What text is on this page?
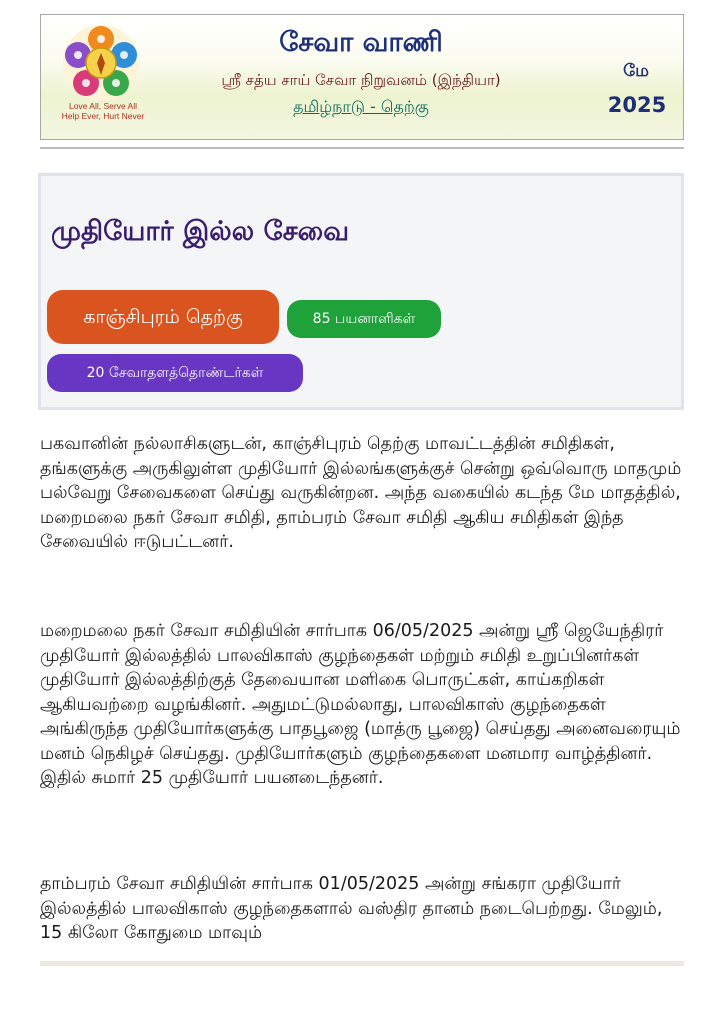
Love All, Serve All
Help Ever, Hurt Never
சேவா வாணி
ஸ்ரீ சத்ய சாய் சேவா நிறுவனம் (இந்தியா)
தமிழ்நாடு - தெற்கு
மே
2025
முதியோர் இல்ல சேவை
காஞ்சிபுரம் தெற்கு	85 பயனாளிகள்
20 சேவாதளத்தொண்டர்கள்
பகவானின் நல்லாசிகளுடன், காஞ்சிபுரம் தெற்கு மாவட்டத்தின் சமிதிகள், தங்களுக்கு அருகிலுள்ள முதியோர் இல்லங்களுக்குச் சென்று ஒவ்வொரு மாதமும் பல்வேறு சேவைகளை செய்து வருகின்றன. அந்த வகையில் கடந்த மே மாதத்தில், மறைமலை நகர் சேவா சமிதி, தாம்பரம் சேவா சமிதி ஆகிய சமிதிகள் இந்த சேவையில் ஈடுபட்டனர்.
மறைமலை நகர் சேவா சமிதியின் சார்பாக 06/05/2025 அன்று ஸ்ரீ ஜெயேந்திரர் முதியோர் இல்லத்தில் பாலவிகாஸ் குழந்தைகள் மற்றும் சமிதி உறுப்பினர்கள் முதியோர் இல்லத்திற்குத் தேவையான மளிகை பொருட்கள், காய்கறிகள் ஆகியவற்றை வழங்கினர். அதுமட்டுமல்லாது, பாலவிகாஸ் குழந்தைகள் அங்கிருந்த முதியோர்களுக்கு பாதபூஜை (மாத்ரு பூஜை) செய்தது அனைவரையும் மனம் நெகிழச் செய்தது. முதியோர்களும் குழந்தைகளை மனமார வாழ்த்தினர். இதில் சுமார் 25 முதியோர் பயனடைந்தனர்.
தாம்பரம் சேவா சமிதியின் சார்பாக 01/05/2025 அன்று சங்கரா முதியோர் இல்லத்தில் பாலவிகாஸ் குழந்தைகளால் வஸ்திர தானம் நடைபெற்றது. மேலும், 15 கிலோ கோதுமை மாவும்
